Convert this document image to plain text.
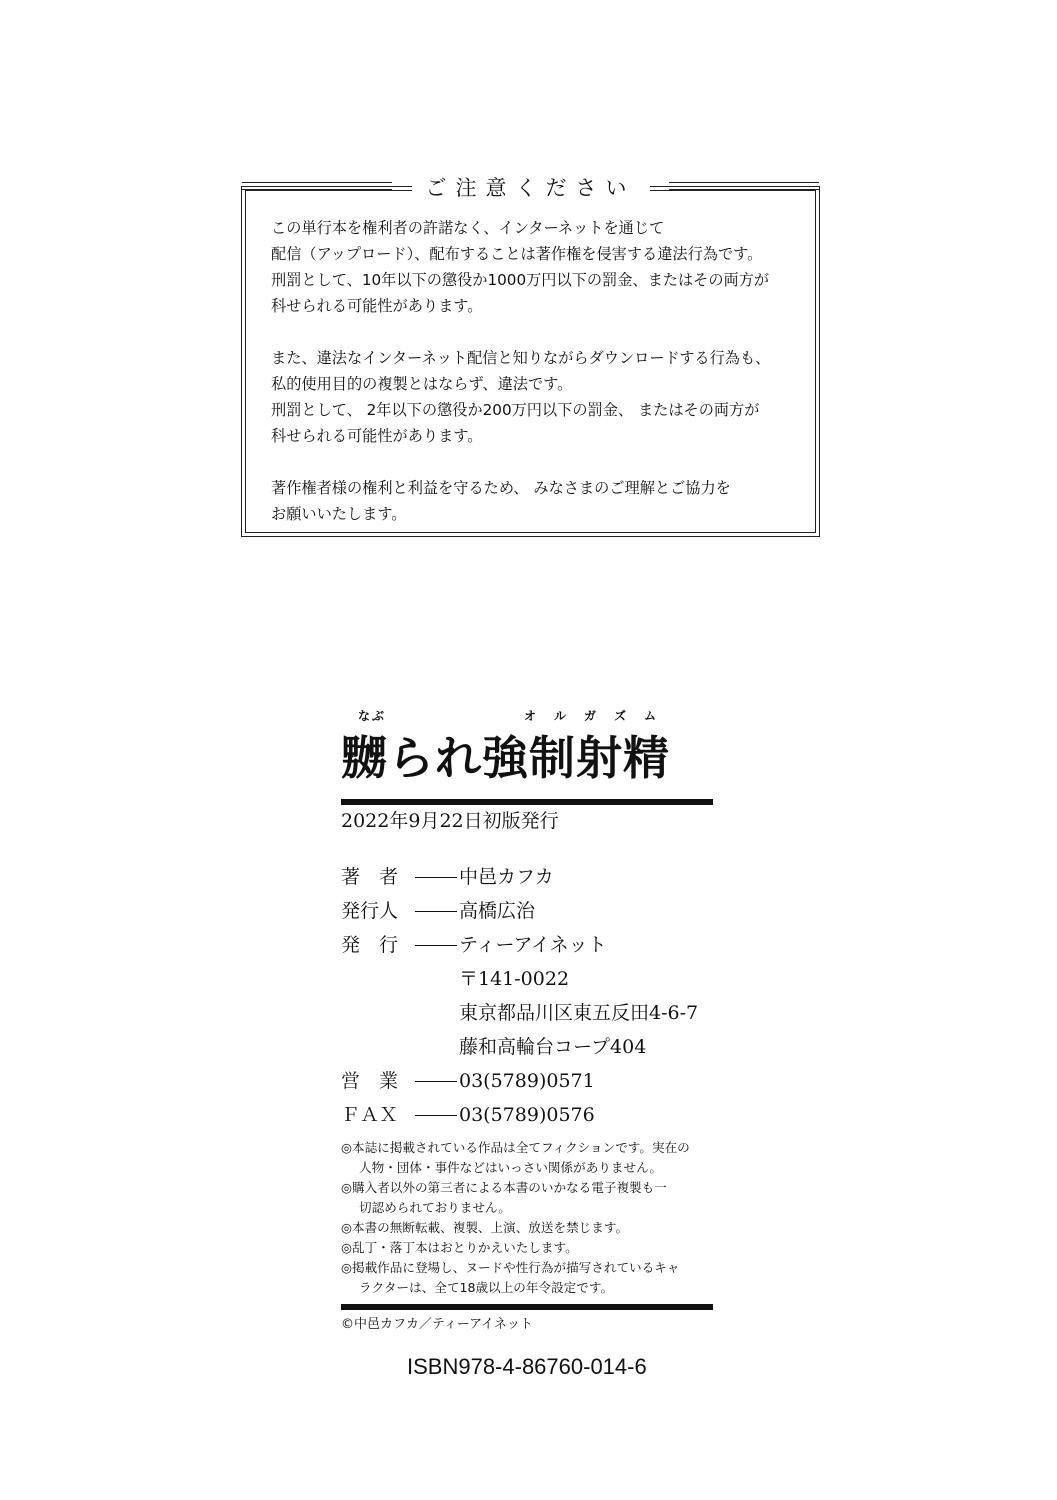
ご注意ください

この単行本を権利者の許諾なく、インターネットを通じて
配信（アップロード）、配布することは著作権を侵害する違法行為です。
刑罰として、10年以下の懲役か1000万円以下の罰金、またはその両方が
科せられる可能性があります。

また、違法なインターネット配信と知りながらダウンロードする行為も、
私的使用目的の複製とはならず、違法です。
刑罰として、 2年以下の懲役か200万円以下の罰金、 またはその両方が
科せられる可能性があります。

著作権者様の権利と利益を守るため、 みなさまのご理解とご協力を
お願いいたします。

なぶ	オルガズム
嬲られ強制射精
2022年9月22日初版発行
著　者	中邑カフカ
発行人	高橋広治
発　行	ティーアイネット
〒141-0022
東京都品川区東五反田4-6-7
藤和高輪台コープ404
営　業	03(5789)0571
ＦＡＸ	03(5789)0576
◎本誌に掲載されている作品は全てフィクションです。実在の
人物・団体・事件などはいっさい関係がありません。
◎購入者以外の第三者による本書のいかなる電子複製も一
切認められておりません。
◎本書の無断転載、複製、上演、放送を禁じます。
◎乱丁・落丁本はおとりかえいたします。
◎掲載作品に登場し、ヌードや性行為が描写されているキャ
ラクターは、全て18歳以上の年令設定です。
©中邑カフカ／ティーアイネット
ISBN978-4-86760-014-6
